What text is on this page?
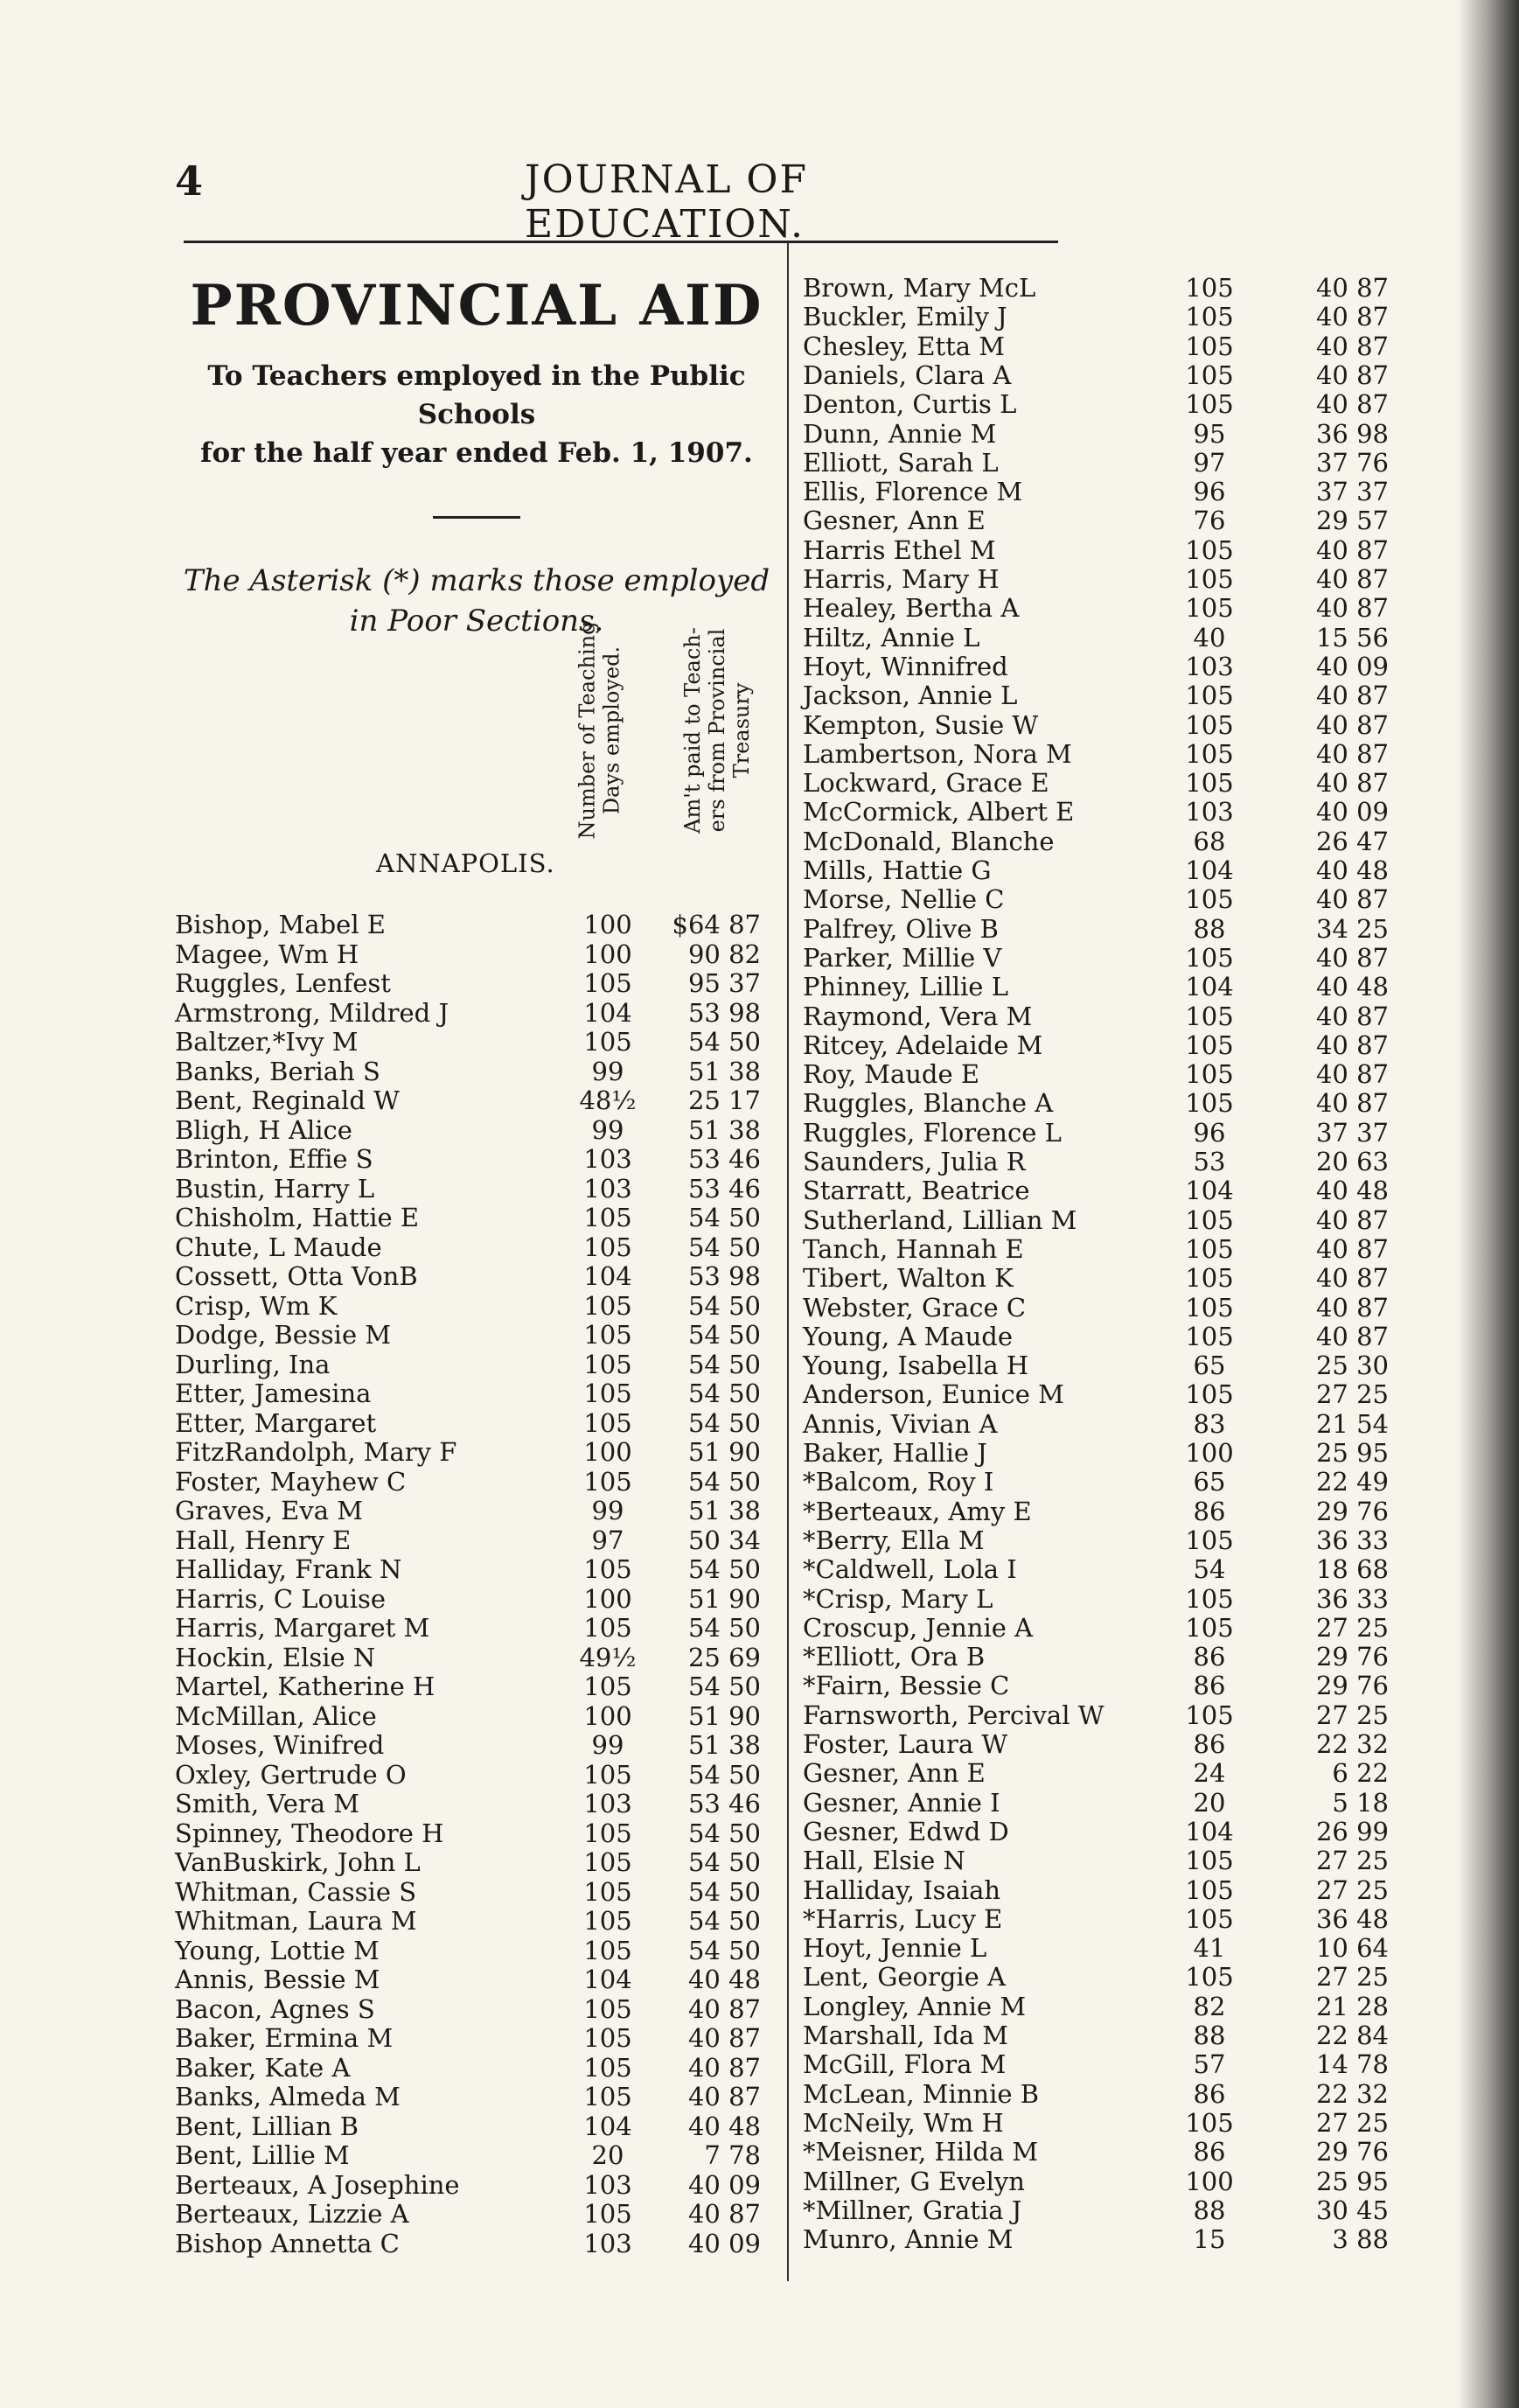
4	JOURNAL OF EDUCATION.
PROVINCIAL AID
To Teachers employed in the Public Schools
for the half year ended Feb. 1, 1907.
The Asterisk (*) marks those employed
in Poor Sections.
Number of Teaching Days employed.	Am't paid to Teach- ers from Provincial Treasury
ANNAPOLIS.
Bishop, Mabel E	100	$64 87
Magee, Wm H	100	90 82
Ruggles, Lenfest	105	95 37
Armstrong, Mildred J	104	53 98
Baltzer,*Ivy M	105	54 50
Banks, Beriah S	99	51 38
Bent, Reginald W	48½	25 17
Bligh, H Alice	99	51 38
Brinton, Effie S	103	53 46
Bustin, Harry L	103	53 46
Chisholm, Hattie E	105	54 50
Chute, L Maude	105	54 50
Cossett, Otta VonB	104	53 98
Crisp, Wm K	105	54 50
Dodge, Bessie M	105	54 50
Durling, Ina	105	54 50
Etter, Jamesina	105	54 50
Etter, Margaret	105	54 50
FitzRandolph, Mary F	100	51 90
Foster, Mayhew C	105	54 50
Graves, Eva M	99	51 38
Hall, Henry E	97	50 34
Halliday, Frank N	105	54 50
Harris, C Louise	100	51 90
Harris, Margaret M	105	54 50
Hockin, Elsie N	49½	25 69
Martel, Katherine H	105	54 50
McMillan, Alice	100	51 90
Moses, Winifred	99	51 38
Oxley, Gertrude O	105	54 50
Smith, Vera M	103	53 46
Spinney, Theodore H	105	54 50
VanBuskirk, John L	105	54 50
Whitman, Cassie S	105	54 50
Whitman, Laura M	105	54 50
Young, Lottie M	105	54 50
Annis, Bessie M	104	40 48
Bacon, Agnes S	105	40 87
Baker, Ermina M	105	40 87
Baker, Kate A	105	40 87
Banks, Almeda M	105	40 87
Bent, Lillian B	104	40 48
Bent, Lillie M	20	7 78
Berteaux, A Josephine	103	40 09
Berteaux, Lizzie A	105	40 87
Bishop Annetta C	103	40 09
Brown, Mary McL	105	40 87
Buckler, Emily J	105	40 87
Chesley, Etta M	105	40 87
Daniels, Clara A	105	40 87
Denton, Curtis L	105	40 87
Dunn, Annie M	95	36 98
Elliott, Sarah L	97	37 76
Ellis, Florence M	96	37 37
Gesner, Ann E	76	29 57
Harris Ethel M	105	40 87
Harris, Mary H	105	40 87
Healey, Bertha A	105	40 87
Hiltz, Annie L	40	15 56
Hoyt, Winnifred	103	40 09
Jackson, Annie L	105	40 87
Kempton, Susie W	105	40 87
Lambertson, Nora M	105	40 87
Lockward, Grace E	105	40 87
McCormick, Albert E	103	40 09
McDonald, Blanche	68	26 47
Mills, Hattie G	104	40 48
Morse, Nellie C	105	40 87
Palfrey, Olive B	88	34 25
Parker, Millie V	105	40 87
Phinney, Lillie L	104	40 48
Raymond, Vera M	105	40 87
Ritcey, Adelaide M	105	40 87
Roy, Maude E	105	40 87
Ruggles, Blanche A	105	40 87
Ruggles, Florence L	96	37 37
Saunders, Julia R	53	20 63
Starratt, Beatrice	104	40 48
Sutherland, Lillian M	105	40 87
Tanch, Hannah E	105	40 87
Tibert, Walton K	105	40 87
Webster, Grace C	105	40 87
Young, A Maude	105	40 87
Young, Isabella H	65	25 30
Anderson, Eunice M	105	27 25
Annis, Vivian A	83	21 54
Baker, Hallie J	100	25 95
*Balcom, Roy I	65	22 49
*Berteaux, Amy E	86	29 76
*Berry, Ella M	105	36 33
*Caldwell, Lola I	54	18 68
*Crisp, Mary L	105	36 33
Croscup, Jennie A	105	27 25
*Elliott, Ora B	86	29 76
*Fairn, Bessie C	86	29 76
Farnsworth, Percival W	105	27 25
Foster, Laura W	86	22 32
Gesner, Ann E	24	6 22
Gesner, Annie I	20	5 18
Gesner, Edwd D	104	26 99
Hall, Elsie N	105	27 25
Halliday, Isaiah	105	27 25
*Harris, Lucy E	105	36 48
Hoyt, Jennie L	41	10 64
Lent, Georgie A	105	27 25
Longley, Annie M	82	21 28
Marshall, Ida M	88	22 84
McGill, Flora M	57	14 78
McLean, Minnie B	86	22 32
McNeily, Wm H	105	27 25
*Meisner, Hilda M	86	29 76
Millner, G Evelyn	100	25 95
*Millner, Gratia J	88	30 45
Munro, Annie M	15	3 88
